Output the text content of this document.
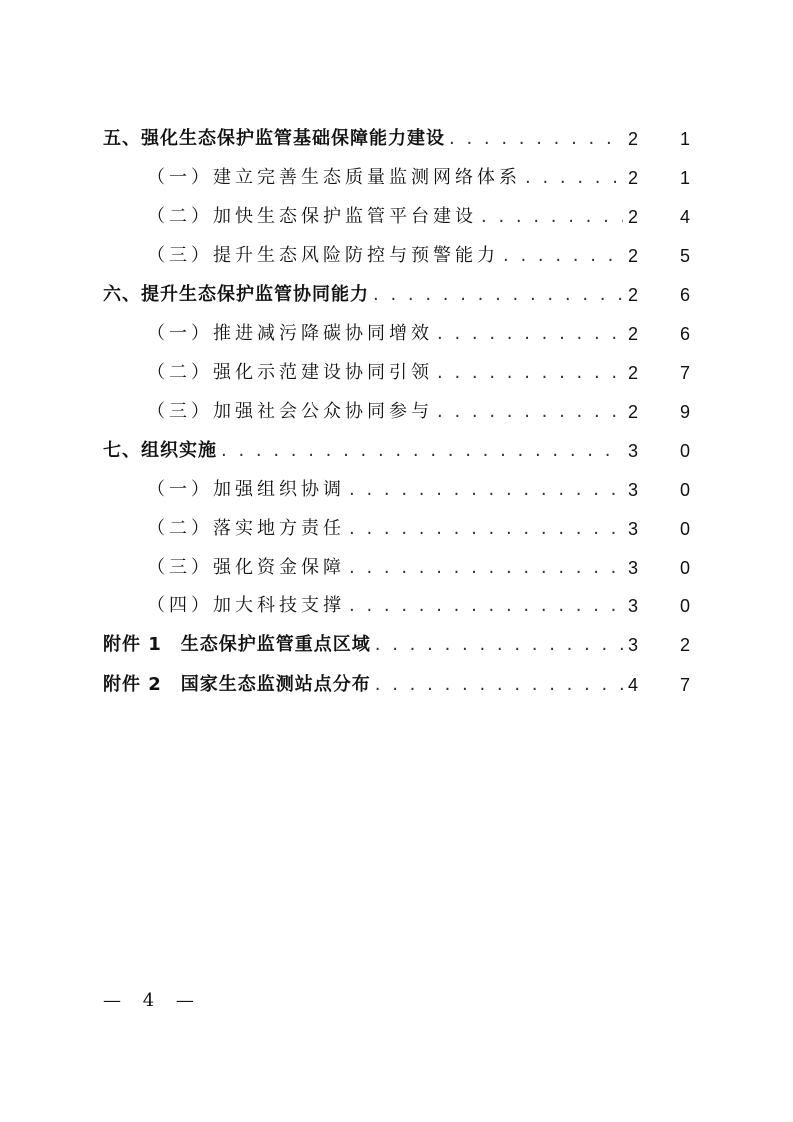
五、强化生态保护监管基础保障能力建设 . . .	2 1
（一）建立完善生态质量监测网络体系 . . .	2 1
（二）加快生态保护监管平台建设 . . .	2 4
（三）提升生态风险防控与预警能力 . . .	2 5
六、提升生态保护监管协同能力 . . .	2 6
（一）推进减污降碳协同增效 . . .	2 6
（二）强化示范建设协同引领 . . .	2 7
（三）加强社会公众协同参与 . . .	2 9
七、组织实施 . . .	3 0
（一）加强组织协调 . . .	3 0
（二）落实地方责任 . . .	3 0
（三）强化资金保障 . . .	3 0
（四）加大科技支撑 . . .	3 0
附件 1　生态保护监管重点区域 . . .	3 2
附件 2　国家生态监测站点分布 . . .	4 7
— 4 —
